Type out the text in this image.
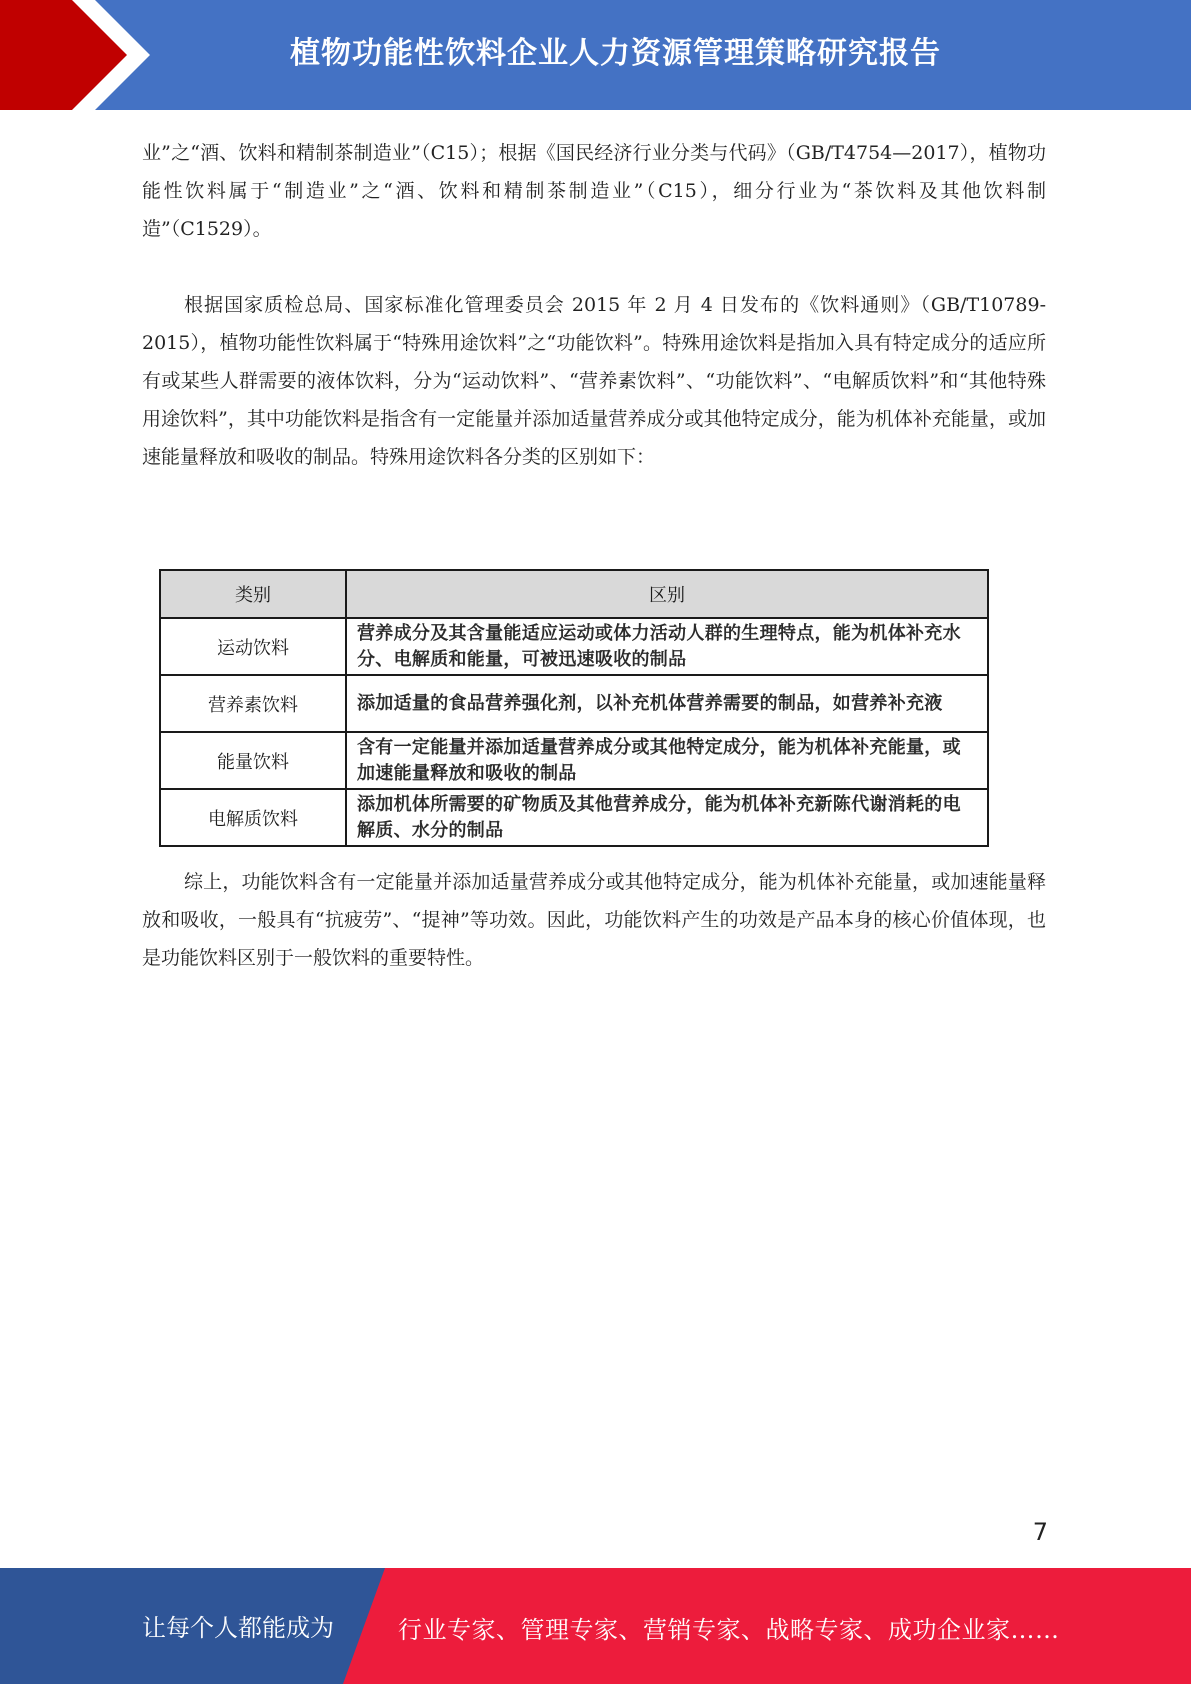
植物功能性饮料企业人力资源管理策略研究报告

业”之“酒、饮料和精制茶制造业”（C15）；根据《国民经济行业分类与代码》（GB/T4754—2017），植物功能性饮料属于“制造业”之“酒、饮料和精制茶制造业”（C15），细分行业为“茶饮料及其他饮料制造”（C1529）。

根据国家质检总局、国家标准化管理委员会 2015 年 2 月 4 日发布的《饮料通则》（GB/T10789-2015），植物功能性饮料属于“特殊用途饮料”之“功能饮料”。特殊用途饮料是指加入具有特定成分的适应所有或某些人群需要的液体饮料，分为“运动饮料”、“营养素饮料”、“功能饮料”、“电解质饮料”和“其他特殊用途饮料”，其中功能饮料是指含有一定能量并添加适量营养成分或其他特定成分，能为机体补充能量，或加速能量释放和吸收的制品。特殊用途饮料各分类的区别如下：

类别	区别
运动饮料	营养成分及其含量能适应运动或体力活动人群的生理特点，能为机体补充水分、电解质和能量，可被迅速吸收的制品
营养素饮料	添加适量的食品营养强化剂，以补充机体营养需要的制品，如营养补充液
能量饮料	含有一定能量并添加适量营养成分或其他特定成分，能为机体补充能量，或加速能量释放和吸收的制品
电解质饮料	添加机体所需要的矿物质及其他营养成分，能为机体补充新陈代谢消耗的电解质、水分的制品

综上，功能饮料含有一定能量并添加适量营养成分或其他特定成分，能为机体补充能量，或加速能量释放和吸收，一般具有“抗疲劳”、“提神”等功效。因此，功能饮料产生的功效是产品本身的核心价值体现，也是功能饮料区别于一般饮料的重要特性。

7
让每个人都能成为	行业专家、管理专家、营销专家、战略专家、成功企业家……
